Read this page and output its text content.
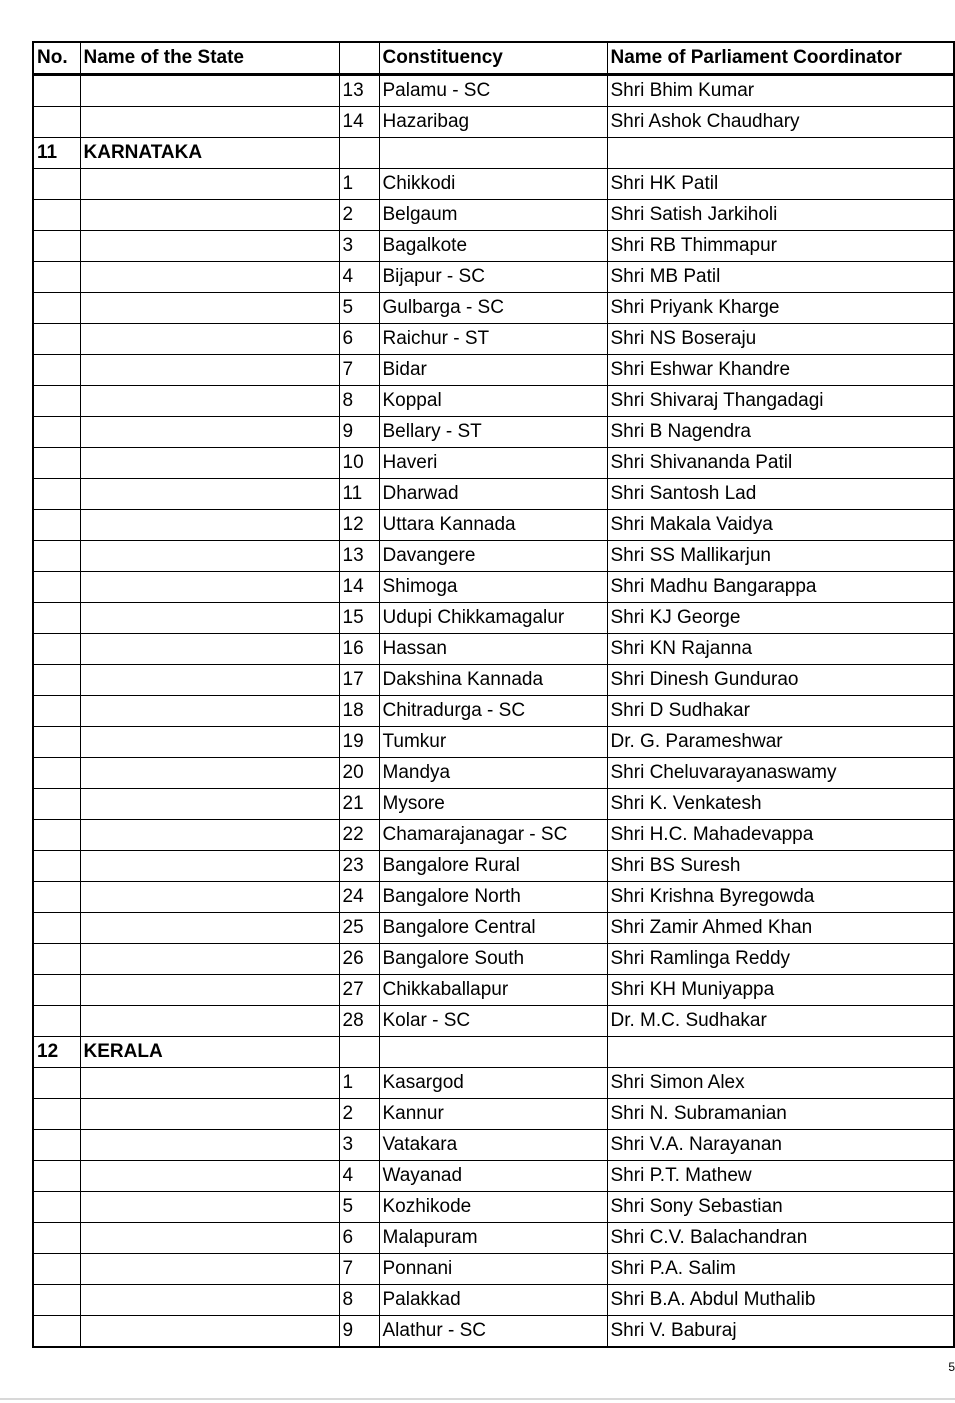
No.	Name of the State		Constituency	Name of Parliament Coordinator
		13	Palamu - SC	Shri Bhim Kumar
		14	Hazaribag	Shri Ashok Chaudhary
11	KARNATAKA			
		1	Chikkodi	Shri HK Patil
		2	Belgaum	Shri Satish Jarkiholi
		3	Bagalkote	Shri RB Thimmapur
		4	Bijapur - SC	Shri MB Patil
		5	Gulbarga - SC	Shri Priyank Kharge
		6	Raichur - ST	Shri NS Boseraju
		7	Bidar	Shri Eshwar Khandre
		8	Koppal	Shri Shivaraj Thangadagi
		9	Bellary - ST	Shri B Nagendra
		10	Haveri	Shri Shivananda Patil
		11	Dharwad	Shri Santosh Lad
		12	Uttara Kannada	Shri Makala Vaidya
		13	Davangere	Shri SS Mallikarjun
		14	Shimoga	Shri Madhu Bangarappa
		15	Udupi Chikkamagalur	Shri KJ George
		16	Hassan	Shri KN Rajanna
		17	Dakshina Kannada	Shri Dinesh Gundurao
		18	Chitradurga - SC	Shri D Sudhakar
		19	Tumkur	Dr. G. Parameshwar
		20	Mandya	Shri Cheluvarayanaswamy
		21	Mysore	Shri K. Venkatesh
		22	Chamarajanagar - SC	Shri H.C. Mahadevappa
		23	Bangalore Rural	Shri BS Suresh
		24	Bangalore North	Shri Krishna Byregowda
		25	Bangalore Central	Shri Zamir Ahmed Khan
		26	Bangalore South	Shri Ramlinga Reddy
		27	Chikkaballapur	Shri KH Muniyappa
		28	Kolar - SC	Dr. M.C. Sudhakar
12	KERALA			
		1	Kasargod	Shri Simon Alex
		2	Kannur	Shri N. Subramanian
		3	Vatakara	Shri V.A. Narayanan
		4	Wayanad	Shri P.T. Mathew
		5	Kozhikode	Shri Sony Sebastian
		6	Malapuram	Shri C.V. Balachandran
		7	Ponnani	Shri P.A. Salim
		8	Palakkad	Shri B.A. Abdul Muthalib
		9	Alathur - SC	Shri V. Baburaj
5
